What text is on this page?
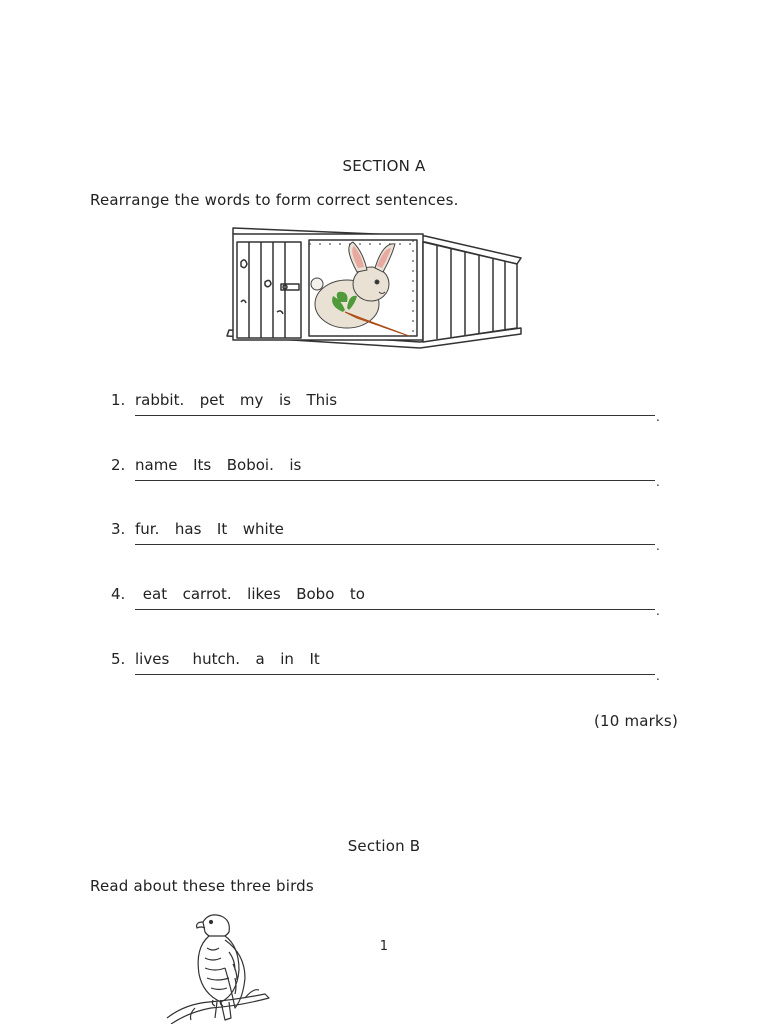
SECTION A
Rearrange the words to form correct sentences.
1. rabbit.  pet  my  is  This
.
2. name  Its  Boboi.  is
.
3. fur.  has  It  white
.
4. eat  carrot.  likes  Bobo  to
.
5. lives   hutch.  a  in  It
.
(10 marks)
Section B
Read about these three birds
1
